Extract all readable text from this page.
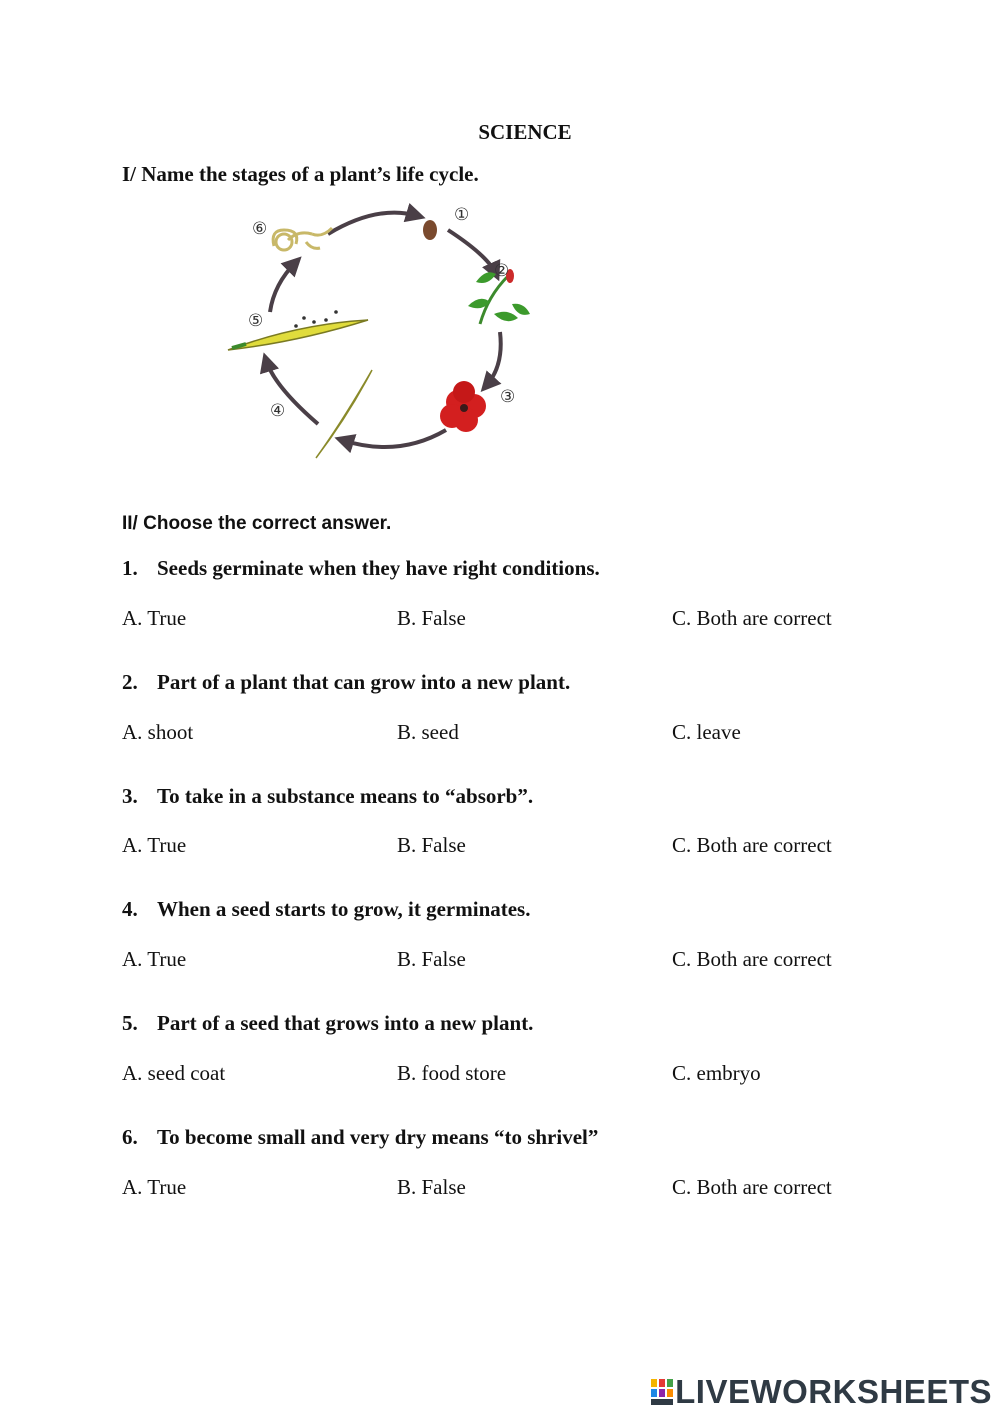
SCIENCE
I/ Name the stages of a plant’s life cycle.
①
②
③
④
⑤
⑥
II/ Choose the correct answer.
1. Seeds germinate when they have right conditions.
A. True	B. False	C. Both are correct
2. Part of a plant that can grow into a new plant.
A. shoot	B. seed	C. leave
3. To take in a substance means to “absorb”.
A. True	B. False	C. Both are correct
4. When a seed starts to grow, it germinates.
A. True	B. False	C. Both are correct
5. Part of a seed that grows into a new plant.
A. seed coat	B. food store	C. embryo
6. To become small and very dry means “to shrivel”
A. True	B. False	C. Both are correct
LIVEWORKSHEETS
